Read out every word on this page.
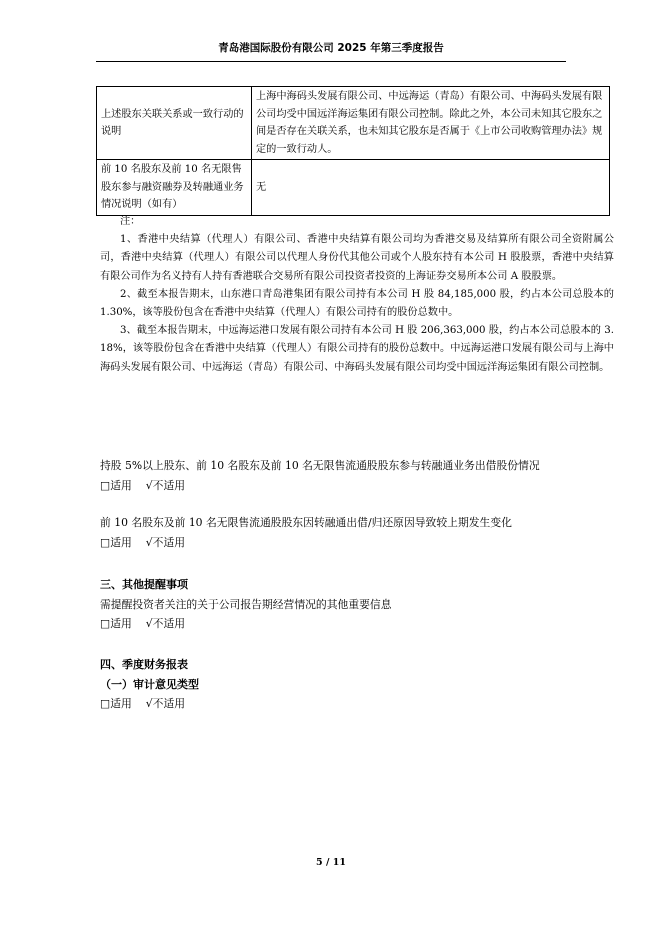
青岛港国际股份有限公司 2025 年第三季度报告
上述股东关联关系或一致行动的说明	上海中海码头发展有限公司、中远海运（青岛）有限公司、中海码头发展有限公司均受中国远洋海运集团有限公司控制。除此之外，本公司未知其它股东之间是否存在关联关系，也未知其它股东是否属于《上市公司收购管理办法》规定的一致行动人。
前 10 名股东及前 10 名无限售股东参与融资融券及转融通业务情况说明（如有）	无

注：

1、香港中央结算（代理人）有限公司、香港中央结算有限公司均为香港交易及结算所有限公司全资附属公司，香港中央结算（代理人）有限公司以代理人身份代其他公司或个人股东持有本公司 H 股股票，香港中央结算有限公司作为名义持有人持有香港联合交易所有限公司投资者投资的上海证券交易所本公司 A 股股票。

2、截至本报告期末，山东港口青岛港集团有限公司持有本公司 H 股 84,185,000 股，约占本公司总股本的 1.30%，该等股份包含在香港中央结算（代理人）有限公司持有的股份总数中。

3、截至本报告期末，中远海运港口发展有限公司持有本公司 H 股 206,363,000 股，约占本公司总股本的 3.18%，该等股份包含在香港中央结算（代理人）有限公司持有的股份总数中。中远海运港口发展有限公司与上海中海码头发展有限公司、中远海运（青岛）有限公司、中海码头发展有限公司均受中国远洋海运集团有限公司控制。

持股 5%以上股东、前 10 名股东及前 10 名无限售流通股股东参与转融通业务出借股份情况
□适用 √不适用
前 10 名股东及前 10 名无限售流通股股东因转融通出借/归还原因导致较上期发生变化
□适用 √不适用
三、其他提醒事项
需提醒投资者关注的关于公司报告期经营情况的其他重要信息
□适用 √不适用
四、季度财务报表
（一）审计意见类型
□适用 √不适用
5 / 11
